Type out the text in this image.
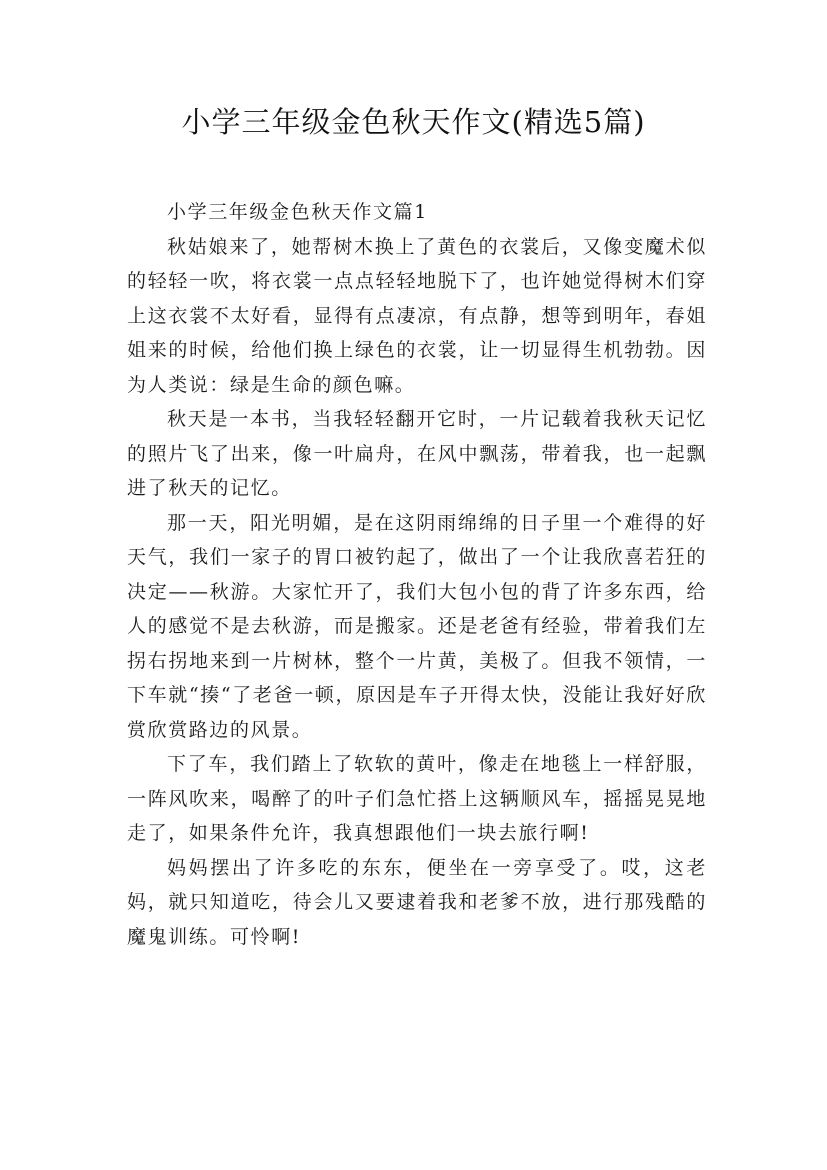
小学三年级金色秋天作文(精选5篇)

小学三年级金色秋天作文篇1

秋姑娘来了，她帮树木换上了黄色的衣裳后，又像变魔术似的轻轻一吹，将衣裳一点点轻轻地脱下了，也许她觉得树木们穿上这衣裳不太好看，显得有点凄凉，有点静，想等到明年，春姐姐来的时候，给他们换上绿色的衣裳，让一切显得生机勃勃。因为人类说：绿是生命的颜色嘛。

秋天是一本书，当我轻轻翻开它时，一片记载着我秋天记忆的照片飞了出来，像一叶扁舟，在风中飘荡，带着我，也一起飘进了秋天的记忆。

那一天，阳光明媚，是在这阴雨绵绵的日子里一个难得的好天气，我们一家子的胃口被钓起了，做出了一个让我欣喜若狂的决定——秋游。大家忙开了，我们大包小包的背了许多东西，给人的感觉不是去秋游，而是搬家。还是老爸有经验，带着我们左拐右拐地来到一片树林，整个一片黄，美极了。但我不领情，一下车就“揍“了老爸一顿，原因是车子开得太快，没能让我好好欣赏欣赏路边的风景。

下了车，我们踏上了软软的黄叶，像走在地毯上一样舒服，一阵风吹来，喝醉了的叶子们急忙搭上这辆顺风车，摇摇晃晃地走了，如果条件允许，我真想跟他们一块去旅行啊!

妈妈摆出了许多吃的东东，便坐在一旁享受了。哎，这老妈，就只知道吃，待会儿又要逮着我和老爹不放，进行那残酷的魔鬼训练。可怜啊!
